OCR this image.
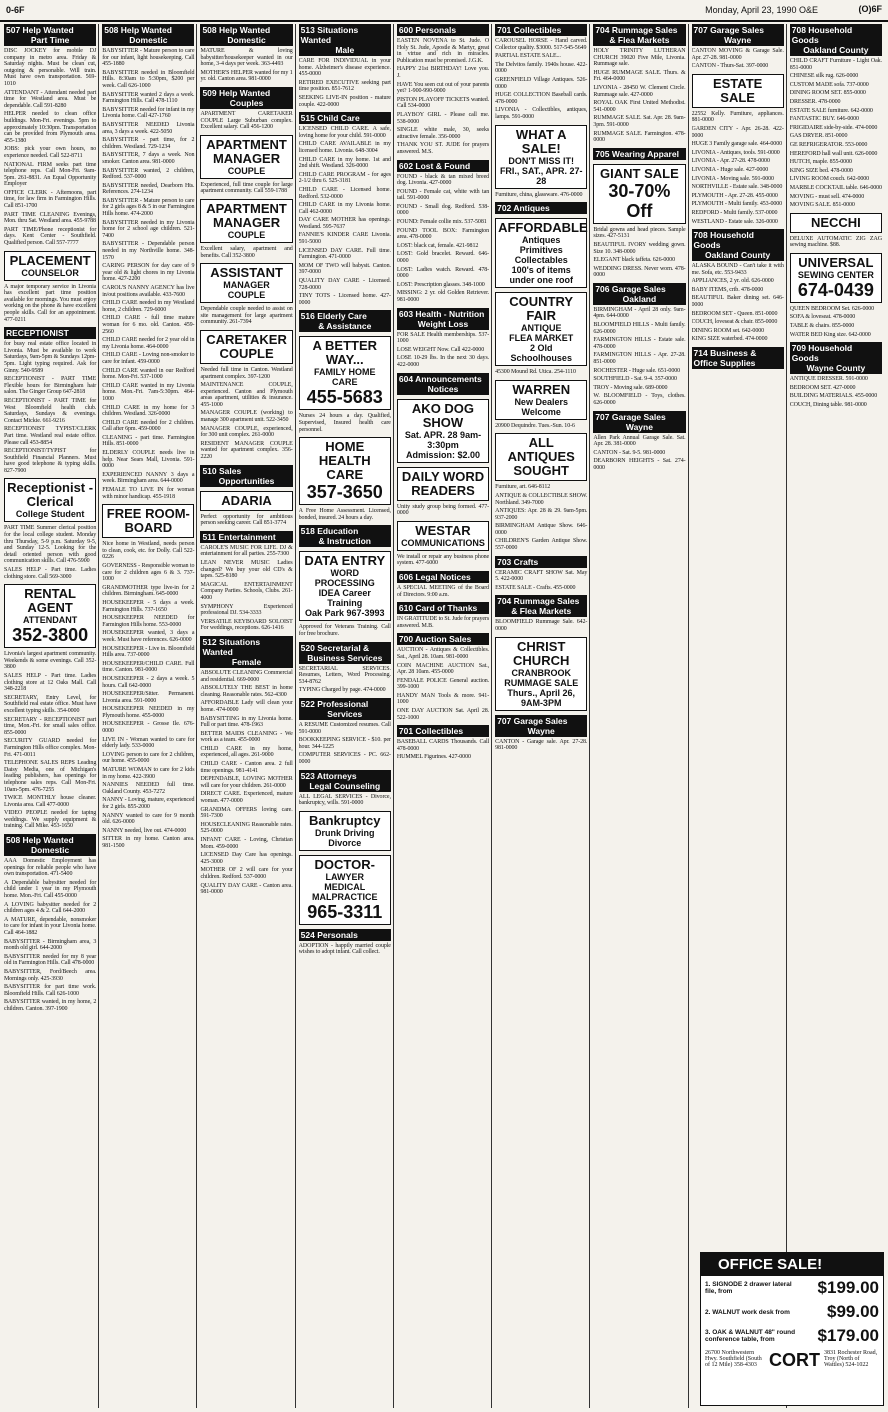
0-6F	Monday, April 23, 1990 O&E	(O)6F
507 Help Wanted
Part Time

DISC JOCKEY for mobile DJ company in metro area. Friday & Saturday nights. Must be clean cut, outgoing & personable. Will train. Must have own transportation. 569-1010

ATTENDANT - Attendant needed part time for Westland area. Must be dependable. Call 591-8280

HELPER needed to clean office buildings. Mon-Fri. evenings. 5pm to approximately 10:30pm. Transportation can be provided from Plymouth area. 455-1380

JOBS: pick your own hours, no experience needed. Call 522-8711

NATIONAL FIRM seeks part time telephone reps. Call Mon-Fri. 9am-5pm. 261-8831. An Equal Opportunity Employer

OFFICE CLERK - Afternoons, part time, for law firm in Farmington Hills. Call 851-1700

PART TIME CLEANING Evenings, Mon. thru Sat. Westland area. 455-9788

PART TIME/Phone receptionist for days. Kent Center - Southfield. Qualified person. Call 557-7777

PLACEMENT
COUNSELOR

A major temporary service in Livonia has excellent part time position available for mornings. You must enjoy working on the phone & have excellent people skills. Call for an appointment. 477-0211

RECEPTIONIST

for busy real estate office located in Livonia. Must be available to work Saturdays, 9am-5pm & Sundays 12pm-5pm. Light typing required. Ask for Ginny. 540-9589

RECEPTIONIST - PART TIME Flexible hours for Birmingham hair salon. The Ginger Group 647-2818

RECEPTIONIST - PART TIME for West Bloomfield health club. Saturdays, Sundays & evenings. Contact Mickie. 661-9216

RECEPTIONIST TYPIST/CLERK Part time. Westland real estate office. Please call 453-8854

RECEPTIONIST/TYPIST for Southfield Financial Planners. Must have good telephone & typing skills. 827-7900

Receptionist - Clerical
College Student

PART TIME Summer clerical position for the local college student. Monday thru Thursday, 5-9 p.m. Saturday 9-5, and Sunday 12-5. Looking for the detail oriented person with good communication skills. Call 476-5900

SALES HELP - Part time. Ladies clothing store. Call 569-3000

RENTAL AGENT
ATTENDANT
352-3800

Livonia's largest apartment community. Weekends & some evenings. Call 352-3800

SALES HELP - Part time. Ladies clothing store at 12 Oaks Mall. Call 348-2218

SECRETARY, Entry Level, for Southfield real estate office. Must have excellent typing skills. 354-0000

SECRETARY - RECEPTIONIST part time, Mon.-Fri. for small sales office. 855-0000

SECURITY GUARD needed for Farmington Hills office complex. Mon-Fri. 471-0011

TELEPHONE SALES REPS Leading Daisy Media, one of Michigan's leading publishers, has openings for telephone sales reps. Call Mon-Fri. 10am-5pm. 476-7255

TWICE MONTHLY house cleaner. Livonia area. Call 477-0000

VIDEO PEOPLE needed for taping weddings. We supply equipment & training. Call Mike. 453-1650

508 Help Wanted
Domestic

AAA Domestic Employment has openings for reliable people who have own transportation. 471-5400

A Dependable babysitter needed for child under 1 year in my Plymouth home. Mon.-Fri. Call 455-0000

A LOVING babysitter needed for 2 children ages 4 & 2. Call 644-2000

A MATURE, dependable, nonsmoker to care for infant in your Livonia home. Call 464-1882

BABYSITTER - Birmingham area, 3 month old girl. 644-2000

BABYSITTER needed for my 8 year old in Farmington Hills. Call 478-0000

BABYSITTER, Ford/Beech area. Mornings only. 425-3930

BABYSITTER for part time work. Bloomfield Hills. Call 626-1000

BABYSITTER wanted, in my home, 2 children. Canton. 397-1900

508 Help Wanted
Domestic

BABYSITTER - Mature person to care for our infant, light housekeeping. Call 455-1880

BABYSITTER needed in Bloomfield Hills. 8:30am to 5:30pm, $200 per week. Call 626-1000

BABYSITTER wanted 2 days a week. Farmington Hills. Call 478-1110

BABYSITTER needed for infant in my Livonia home. Call 427-1760

BABYSITTER NEEDED Livonia area, 3 days a week. 422-5050

BABYSITTER - part time, for 2 children. Westland. 729-1234

BABYSITTER, 7 days a week. Non smoker. Canton area. 981-0000

BABYSITTER wanted, 2 children, Redford. 537-0000

BABYSITTER needed, Dearborn Hts. References. 274-1234

BABYSITTER - Mature person to care for 2 girls ages 8 & 5 in our Farmington Hills home. 474-2000

BABYSITTER needed in my Livonia home for 2 school age children. 521-7400

BABYSITTER - Dependable person needed in my Northville home. 348-1570

CARING PERSON for day care of 9 year old & light chores in my Livonia home. 427-2200

CAROL'S NANNY AGENCY has live in/out positions available. 433-7600

CHILD CARE needed in my Westland home, 2 children. 729-6000

CHILD CARE - full time mature woman for 6 mo. old. Canton. 459-2560

CHILD CARE needed for 2 year old in my Livonia home. 464-0000

CHILD CARE - Loving non-smoker to care for infant. 459-0000

CHILD CARE wanted in our Redford home. Mon-Fri. 537-1000

CHILD CARE wanted in my Livonia home. Mon.-Fri. 7am-5:30pm. 464-1000

CHILD CARE in my home for 3 children. Westland. 326-0000

CHILD CARE needed for 2 children. Call after 6pm. 459-0000

CLEANING - part time. Farmington Hills. 851-0000

ELDERLY COUPLE needs live in help. Near Sears Mall, Livonia. 591-0000

EXPERIENCED NANNY 3 days a week. Birmingham area. 644-0000

FEMALE TO LIVE IN for woman with minor handicap. 455-1918

FREE ROOM-BOARD

Nice home in Westland, needs person to clean, cook, etc. for Dolly. Call 522-0226

GOVERNESS - Responsible woman to care for 2 children ages 6 & 3. 737-1000

GRANDMOTHER type live-in for 2 children. Birmingham. 645-0000

HOUSEKEEPER - 5 days a week. Farmington Hills. 737-1650

HOUSEKEEPER NEEDED for Farmington Hills home. 553-0000

HOUSEKEEPER wanted, 3 days a week. Must have references. 626-0000

HOUSEKEEPER - Live in. Bloomfield Hills area. 737-0000

HOUSEKEEPER/CHILD CARE. Full time. Canton. 981-0000

HOUSEKEEPER - 2 days a week. 5 hours. Call 642-0000

HOUSEKEEPER/Sitter. Permanent. Livonia area. 591-0000

HOUSEKEEPER NEEDED in my Plymouth home. 455-0000

HOUSEKEEPER - Grosse Ile. 676-0000

LIVE IN - Woman wanted to care for elderly lady. 533-0000

LOVING person to care for 2 children, our home. 455-0000

MATURE WOMAN to care for 2 kids in my home. 422-3900

NANNIES NEEDED full time. Oakland County. 453-7272

NANNY - Loving, mature, experienced for 2 girls. 855-2000

NANNY wanted to care for 9 month old. 626-0000

NANNY needed, live out. 474-0000

SITTER in my home. Canton area. 981-1500

508 Help Wanted
Domestic

MATURE & loving babysitter/housekeeper wanted in our home, 3-4 days per week. 363-4493

MOTHER'S HELPER wanted for my 1 yr. old. Canton area. 981-0000

509 Help Wanted
Couples

APARTMENT CARETAKER COUPLE Large Suburban complex. Excellent salary. Call 456-1200

APARTMENT MANAGER
COUPLE

Experienced, full time couple for large apartment community. Call 559-1788

APARTMENT MANAGER
COUPLE

Excellent salary, apartment and benefits. Call 352-3800

ASSISTANT
MANAGER COUPLE

Dependable couple needed to assist on site management for large apartment community. 261-7394

CARETAKER COUPLE

Needed full time in Canton. Westland apartment complex. 397-1200

MAINTENANCE COUPLE, experienced. Canton and Plymouth areas apartment, utilities & insurance. 455-1000

MANAGER COUPLE (working) to manage 300 apartment unit. 522-3450

MANAGER COUPLE, experienced, for 300 unit complex. 261-0000

RESIDENT MANAGER COUPLE wanted for apartment complex. 356-2220

510 Sales
Opportunities
ADARIA

Perfect opportunity for ambitious person seeking career. Call 851-3774

511 Entertainment

CAROLE'S MUSIC FOR LIFE. DJ & entertainment for all parties. 255-7300

LEAN NEVER MUSIC Ladies changed? We buy your old CD's & tapes. 525-8180

MAGICAL ENTERTAINMENT Company Parties. Schools, Clubs. 261-4000

SYMPHONY Experienced professional DJ. 534-3333

VERSATILE KEYBOARD SOLOIST For weddings, receptions. 626-1416

512 Situations Wanted
Female

ABSOLUTE CLEANING Commercial and residential. 669-0000

ABSOLUTELY THE BEST in home cleaning. Reasonable rates. 562-4300

AFFORDABLE Lady will clean your home. 474-0000

BABYSITTING in my Livonia home. Full or part time. 478-1963

BETTER MAIDS CLEANING - We work as a team. 455-0000

CHILD CARE in my home, experienced, all ages. 261-9000

CHILD CARE - Canton area. 2 full time openings. 981-4141

DEPENDABLE, LOVING MOTHER will care for your children. 261-0000

DIRECT CARE. Experienced, mature woman. 477-0000

GRANDMA OFFERS loving care. 591-7300

HOUSECLEANING Reasonable rates. 525-0000

INFANT CARE - Loving, Christian Mom. 459-0000

LICENSED Day Care has openings. 425-3000

MOTHER OF 2 will care for your children. Redford. 537-0000

QUALITY DAY CARE - Canton area. 981-0000

513 Situations Wanted
Male

CARE FOR INDIVIDUAL in your home. Alzheimer's disease experience. 455-0000

RETIRED EXECUTIVE seeking part time position. 851-7612

SEEKING LIVE-IN position - mature couple. 422-0000

515 Child Care

LICENSED CHILD CARE. A safe, loving home for your child. 591-0000

CHILD CARE AVAILABLE in my licensed home. Livonia. 648-3004

CHILD CARE in my home. 1st and 2nd shift. Westland. 326-0000

CHILD CARE PROGRAM - for ages 2-1/2 thru 6. 525-3181

CHILD CARE - Licensed home. Redford. 532-0000

CHILD CARE in my Livonia home. Call 462-0000

DAY CARE MOTHER has openings. Westland. 595-7637

FANNIE'S KINDER CARE Livonia. 591-5000

LICENSED DAY CARE. Full time. Farmington. 471-0000

MOM OF TWO will babysit. Canton. 397-0000

QUALITY DAY CARE - Licensed. 728-0000

TINY TOTS - Licensed home. 427-0000

516 Elderly Care
& Assistance
A BETTER WAY...
FAMILY HOME CARE
455-5683

Nurses 24 hours a day. Qualified, Supervised, Insured health care personnel.

HOME HEALTH CARE
357-3650

A Free Home Assessment. Licensed, bonded, insured. 24 hours a day.

518 Education
& Instruction
DATA ENTRY
WORD PROCESSING
IDEA Career Training
Oak Park 967-3993

Approved for Veterans Training. Call for free brochure.

520 Secretarial &
Business Services

SECRETARIAL SERVICES. Resumes, Letters, Word Processing. 534-8762

TYPING Charged by page. 474-0000

522 Professional
Services

A RESUME Customized resumes. Call 591-0000

BOOKKEEPING SERVICE - $10. per hour. 344-1225

COMPUTER SERVICES - PC. 662-0000

523 Attorneys
Legal Counseling

ALL LEGAL SERVICES - Divorce, bankruptcy, wills. 591-0000

Bankruptcy
Drunk Driving
Divorce
DOCTOR-
LAWYER
MEDICAL MALPRACTICE
965-3311
524 Personals

ADOPTION - happily married couple wishes to adopt infant. Call collect.

600 Personals

EASTEN NOVENA to St. Jude. O Holy St. Jude, Apostle & Martyr, great in virtue and rich in miracles. Publication must be promised. J.G.K.

HAPPY 21st BIRTHDAY! Love you. J.

HAVE You seen cut out of your parents yet? 1-900-990-9000

PISTON PLAYOFF TICKETS wanted. Call 534-0000

PLAYBOY GIRL - Please call me. 538-0000

SINGLE white male, 30, seeks attractive female. 356-0000

THANK YOU ST. JUDE for prayers answered. M.S.

602 Lost & Found

FOUND - black & tan mixed breed dog. Livonia. 427-0000

FOUND - Female cat, white with tan tail. 591-0000

FOUND - Small dog. Redford. 538-0000

FOUND: Female collie mix. 537-5081

FOUND TOOL BOX: Farmington area. 478-0000

LOST: black cat, female. 421-9812

LOST: Gold bracelet. Reward. 646-0000

LOST: Ladies watch. Reward. 478-0000

LOST: Prescription glasses. 348-1000

MISSING: 2 yr. old Golden Retriever. 981-0000

603 Health - Nutrition
Weight Loss

FOR SALE Health memberships. 537-1000

LOSE WEIGHT Now. Call 422-0000

LOSE 10-29 lbs. In the next 30 days. 422-0000

604 Announcements
Notices
AKO DOG SHOW
Sat. APR. 28 9am-3:30pm
Admission: $2.00
DAILY WORD READERS

Unity study group being formed. 477-0000

WESTAR
COMMUNICATIONS

We install or repair any business phone system. 477-6000

606 Legal Notices

A SPECIAL MEETING of the Board of Directors. 9:00 a.m.

610 Card of Thanks

IN GRATITUDE to St. Jude for prayers answered. M.B.

700 Auction Sales

AUCTION - Antiques & Collectibles. Sat., April 28. 10am. 981-0000

COIN MACHINE AUCTION Sat., Apr. 28 10am. 455-0000

FENDALE POLICE General auction. 399-1000

HANDY MAN Tools & more. 941-1000

ONE DAY AUCTION Sat. April 28. 522-1000

701 Collectibles

BASEBALL CARDS Thousands. Call 478-0000

HUMMEL Figurines. 427-0000

701 Collectibles

CAROUSEL HORSE - Hand carved. Collector quality. $3000. 517-545-5649

PARTIAL ESTATE SALE...

The Delvitos family. 1940s house. 422-0000

GREENFIELD Village Antiques. 526-0000

HUGE COLLECTION Baseball cards. 478-0000

LIVONIA - Collectibles, antiques, lamps. 591-0000

WHAT A SALE!
DON'T MISS IT!
FRI., SAT., APR. 27-28

Furniture, china, glassware. 476-0000

702 Antiques
AFFORDABLE
Antiques
Primitives
Collectables
100's of items
under one roof
COUNTRY FAIR
ANTIQUE
FLEA MARKET
2 Old Schoolhouses

45300 Mound Rd. Utica. 254-1110

WARREN
New Dealers Welcome

20900 Dequindre. Tues.-Sun. 10-6

ALL ANTIQUES SOUGHT

Furniture, art. 646-8112

ANTIQUE & COLLECTIBLE SHOW. Northland. 349-7000

ANTIQUES: Apr. 28 & 29. 9am-5pm. 937-2000

BIRMINGHAM Antique Show. 646-0000

CHILDREN'S Garden Antique Show. 557-0000

703 Crafts

CERAMIC CRAFT SHOW Sat. May 5. 422-0000

ESTATE SALE - Crafts. 455-0000

704 Rummage Sales
& Flea Markets

BLOOMFIELD Rummage Sale. 642-0000

CHRIST CHURCH
CRANBROOK
RUMMAGE SALE
Thurs., April 26, 9AM-3PM
707 Garage Sales
Wayne

CANTON - Garage sale. Apr. 27-28. 981-0000

704 Rummage Sales
& Flea Markets

HOLY TRINITY LUTHERAN CHURCH 39020 Five Mile, Livonia. Rummage sale.

HUGE RUMMAGE SALE. Thurs. & Fri. 464-0000

LIVONIA - 28450 W. Clement Circle. Rummage sale. 427-0000

ROYAL OAK First United Methodist. 541-0000

RUMMAGE SALE. Sat. Apr. 28. 9am-3pm. 591-0000

RUMMAGE SALE. Farmington. 478-0000

705 Wearing Apparel
GIANT SALE
30-70% Off

Bridal gowns and head pieces. Sample sizes. 427-5131

BEAUTIFUL IVORY wedding gown. Size 10. 348-0000

ELEGANT black taffeta. 626-0000

WEDDING DRESS. Never worn. 478-0000

706 Garage Sales
Oakland

BIRMINGHAM - April 28 only. 9am-4pm. 644-0000

BLOOMFIELD HILLS - Multi family. 626-0000

FARMINGTON HILLS - Estate sale. 478-0000

FARMINGTON HILLS - Apr. 27-28. 851-0000

ROCHESTER - Huge sale. 651-0000

SOUTHFIELD - Sat. 9-4. 357-0000

TROY - Moving sale. 689-0000

W. BLOOMFIELD - Toys, clothes. 626-0000

707 Garage Sales
Wayne

Allen Park Annual Garage Sale. Sat. Apr. 28. 381-0000

CANTON - Sat. 9-5. 981-0000

DEARBORN HEIGHTS - Sat. 274-0000

707 Garage Sales
Wayne

CANTON MOVING & Garage Sale. Apr. 27-28. 981-0000

CANTON - Thurs-Sat. 397-0000

ESTATE SALE

22552 Kelly. Furniture, appliances. 881-0000

GARDEN CITY - Apr. 26-28. 422-0000

HUGE 3 Family garage sale. 464-0000

LIVONIA - Antiques, tools. 591-0000

LIVONIA - Apr. 27-28. 478-0000

LIVONIA - Huge sale. 427-0000

LIVONIA - Moving sale. 591-0000

NORTHVILLE - Estate sale. 348-0000

PLYMOUTH - Apr. 27-28. 455-0000

PLYMOUTH - Multi family. 453-0000

REDFORD - Multi family. 537-0000

WESTLAND - Estate sale. 326-0000

708 Household Goods
Oakland County

ALASKA BOUND - Can't take it with me. Sofa, etc. 553-9433

APPLIANCES, 2 yr. old. 626-0000

BABY ITEMS, crib. 478-0000

BEAUTIFUL Baker dining set. 646-0000

BEDROOM SET - Queen. 851-0000

COUCH, loveseat & chair. 855-0000

DINING ROOM set. 642-0000

KING SIZE waterbed. 474-0000

714 Business & Office Supplies
708 Household Goods
Oakland County

CHILD CRAFT Furniture - Light Oak. 851-0000

CHINESE silk rug. 626-0000

CUSTOM MADE sofa. 737-0000

DINING ROOM SET. 855-0000

DRESSER. 478-0000

ESTATE SALE furniture. 642-0000

FANTASTIC BUY. 646-0000

FRIGIDAIRE side-by-side. 474-0000

GAS DRYER. 851-0000

GE REFRIGERATOR. 553-0000

HEREFORD hall wall unit. 626-0000

HUTCH, maple. 855-0000

KING SIZE bed. 478-0000

LIVING ROOM couch. 642-0000

MARBLE COCKTAIL table. 646-0000

MOVING - must sell. 474-0000

MOVING SALE. 851-0000

NECCHI

DELUXE AUTOMATIC ZIG ZAG sewing machine. $88.

UNIVERSAL
SEWING CENTER
674-0439

QUEEN BEDROOM Set. 626-0000

SOFA & loveseat. 478-0000

TABLE & chairs. 855-0000

WATER BED King size. 642-0000

709 Household Goods
Wayne County

ANTIQUE DRESSER. 591-0000

BEDROOM SET. 427-0000

BUILDING MATERIALS. 455-0000

COUCH, Dining table. 981-0000

OFFICE SALE!
1. SIGNODE 2 drawer lateral file, from	$199.00
2. WALNUT work desk from	$99.00
3. OAK & WALNUT 48" round conference table, from	$179.00
26700 Northwestern Hwy. Southfield (South of 12 Mile) 358-4303 CORT 3831 Rochester Road, Troy (North of Wattles) 524-1022
